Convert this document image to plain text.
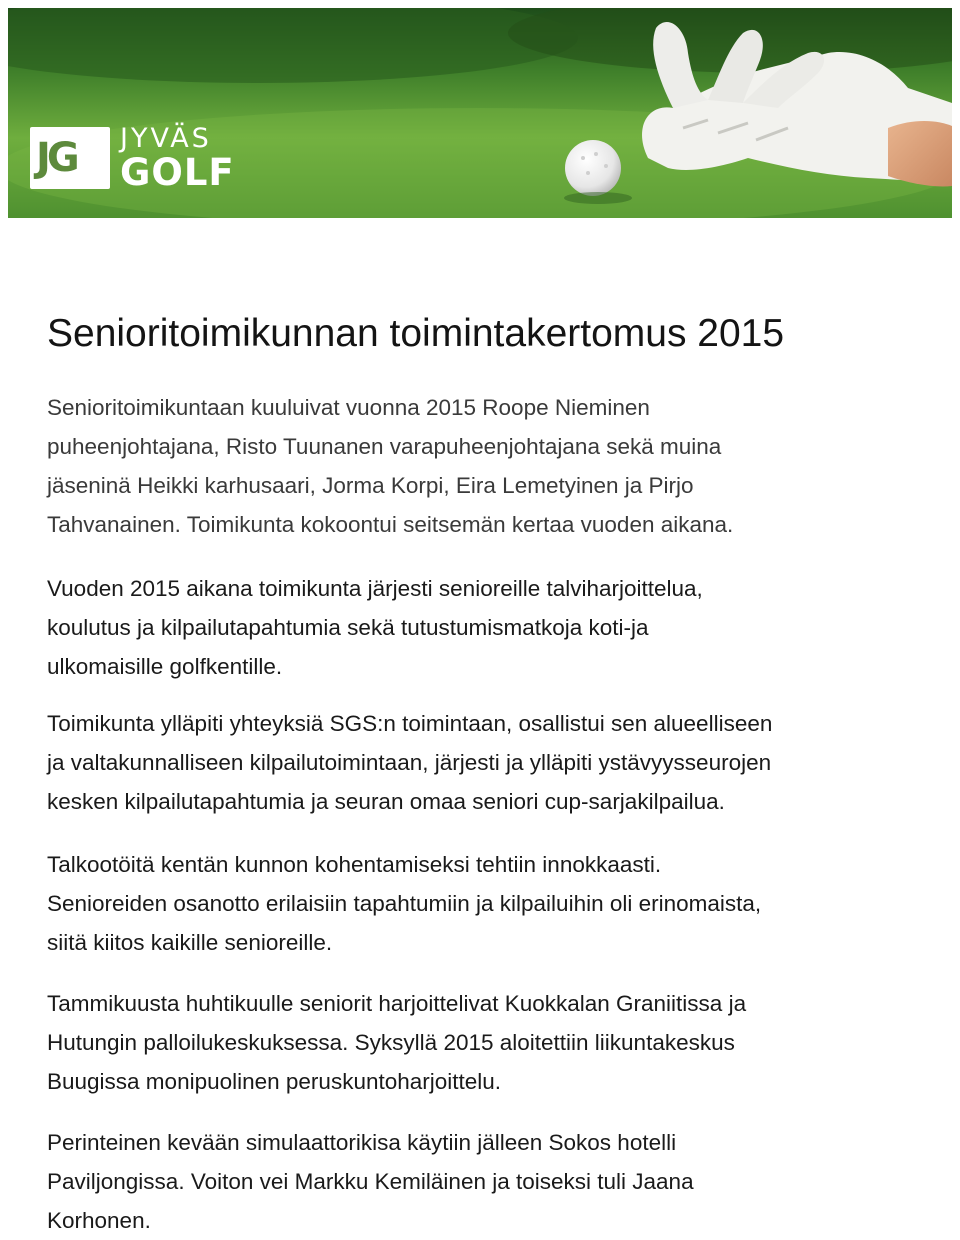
JG JYVÄS
GOLF
Senioritoimikunnan toimintakertomus 2015

Senioritoimikuntaan kuuluivat vuonna 2015 Roope Nieminen
puheenjohtajana, Risto Tuunanen varapuheenjohtajana sekä muina
jäseninä Heikki karhusaari, Jorma Korpi, Eira Lemetyinen ja Pirjo
Tahvanainen. Toimikunta kokoontui seitsemän kertaa vuoden aikana.

Vuoden 2015 aikana toimikunta järjesti senioreille talviharjoittelua,
koulutus ja kilpailutapahtumia sekä tutustumismatkoja koti-ja
ulkomaisille golfkentille.

Toimikunta ylläpiti yhteyksiä SGS:n toimintaan, osallistui sen alueelliseen
ja valtakunnalliseen kilpailutoimintaan, järjesti ja ylläpiti ystävyysseurojen
kesken kilpailutapahtumia ja seuran omaa seniori cup-sarjakilpailua.

Talkootöitä kentän kunnon kohentamiseksi tehtiin innokkaasti.
Senioreiden osanotto erilaisiin tapahtumiin ja kilpailuihin oli erinomaista,
siitä kiitos kaikille senioreille.

Tammikuusta huhtikuulle seniorit harjoittelivat Kuokkalan Graniitissa ja
Hutungin palloilukeskuksessa. Syksyllä 2015 aloitettiin liikuntakeskus
Buugissa monipuolinen peruskuntoharjoittelu.

Perinteinen kevään simulaattorikisa käytiin jälleen Sokos hotelli
Paviljongissa. Voiton vei Markku Kemiläinen ja toiseksi tuli Jaana
Korhonen.
